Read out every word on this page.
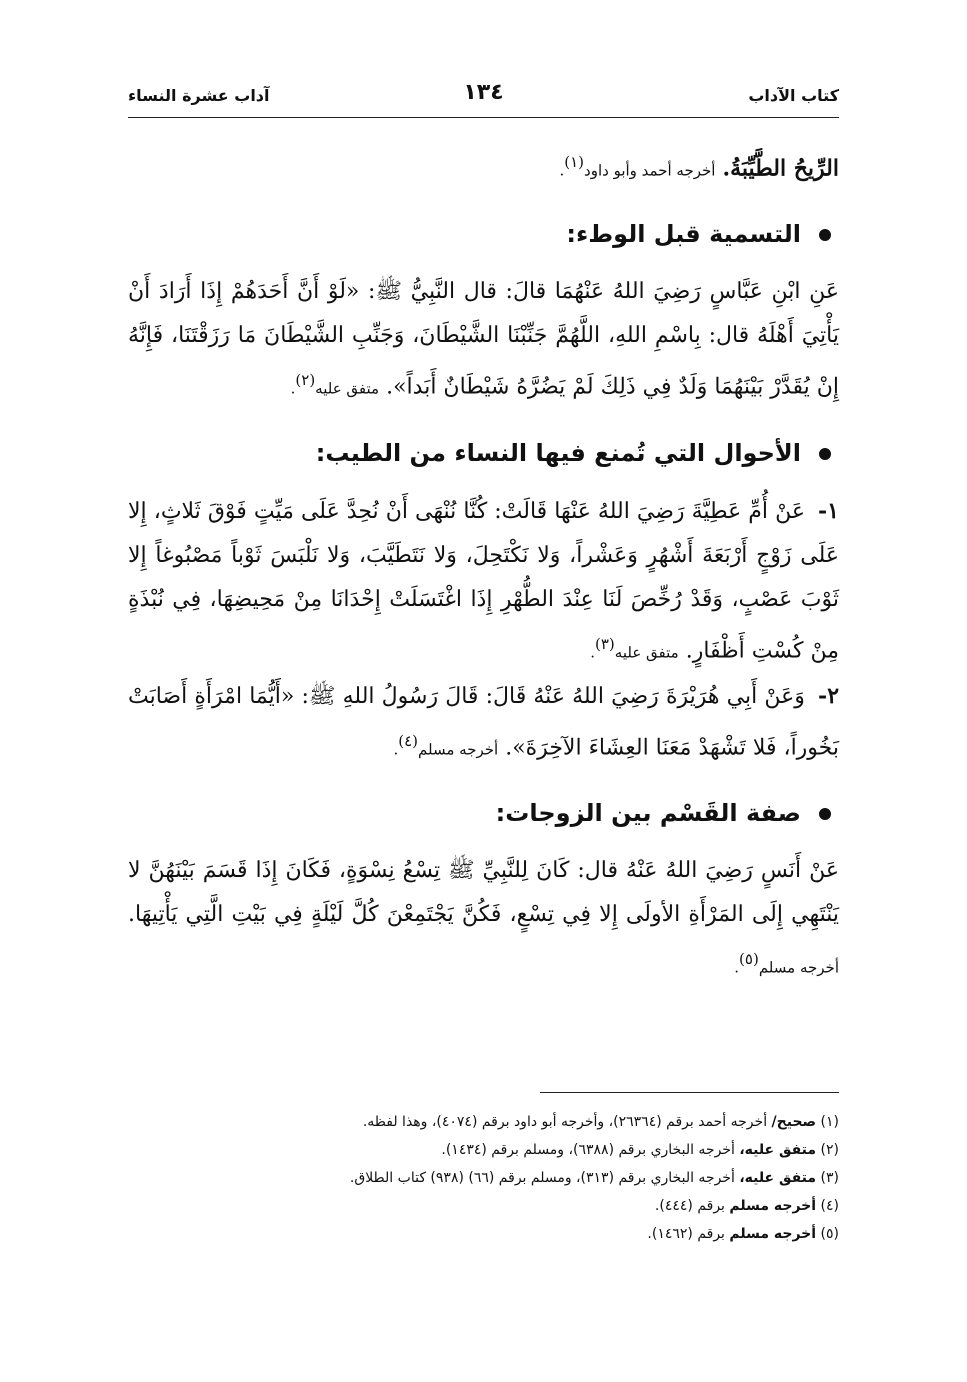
كتاب الآداب
١٣٤
آداب عشرة النساء

الرِّيحُ الطَّيِّبَةُ. أخرجه أحمد وأبو داود$^{(١)}$.

التسمية قبل الوطء:

عَنِ ابْنِ عَبَّاسٍ رَضِيَ اللهُ عَنْهُمَا قالَ: قال النَّبِيُّ ﷺ: «لَوْ أَنَّ أَحَدَهُمْ إِذَا أَرَادَ أَنْ يَأْتِيَ أَهْلَهُ قال: بِاسْمِ اللهِ، اللَّهُمَّ جَنِّبْنَا الشَّيْطَانَ، وَجَنِّبِ الشَّيْطَانَ مَا رَزَقْتَنَا، فَإِنَّهُ إِنْ يُقَدَّرْ بَيْنَهُمَا وَلَدٌ فِي ذَلِكَ لَمْ يَضُرَّهُ شَيْطَانٌ أَبَداً». متفق عليه$^{(٢)}$.

الأحوال التي تُمنع فيها النساء من الطيب:

١- عَنْ أُمِّ عَطِيَّةَ رَضِيَ اللهُ عَنْهَا قَالَتْ: كُنَّا نُنْهَى أَنْ نُحِدَّ عَلَى مَيِّتٍ فَوْقَ ثَلاثٍ، إِلا عَلَى زَوْجٍ أَرْبَعَةَ أَشْهُرٍ وَعَشْراً، وَلا نَكْتَحِلَ، وَلا نَتَطَيَّبَ، وَلا نَلْبَسَ ثَوْباً مَصْبُوغاً إِلا ثَوْبَ عَصْبٍ، وَقَدْ رُخِّصَ لَنَا عِنْدَ الطُّهْرِ إِذَا اغْتَسَلَتْ إِحْدَانَا مِنْ مَحِيضِهَا، فِي نُبْذَةٍ مِنْ كُسْتِ أَظْفَارٍ. متفق عليه$^{(٣)}$.

٢- وَعَنْ أَبِي هُرَيْرَةَ رَضِيَ اللهُ عَنْهُ قَالَ: قَالَ رَسُولُ اللهِ ﷺ: «أَيُّمَا امْرَأَةٍ أَصَابَتْ بَخُوراً، فَلا تَشْهَدْ مَعَنَا العِشَاءَ الآخِرَةَ». أخرجه مسلم$^{(٤)}$.

صفة القَسْم بين الزوجات:

عَنْ أَنَسٍ رَضِيَ اللهُ عَنْهُ قال: كَانَ لِلنَّبِيِّ ﷺ تِسْعُ نِسْوَةٍ، فَكَانَ إِذَا قَسَمَ بَيْنَهُنَّ لا يَنْتَهِي إِلَى المَرْأَةِ الأولَى إِلا فِي تِسْعٍ، فَكُنَّ يَجْتَمِعْنَ كُلَّ لَيْلَةٍ فِي بَيْتِ الَّتِي يَأْتِيهَا. أخرجه مسلم$^{(٥)}$.

(١) صحيح/ أخرجه أحمد برقم (٢٦٣٦٤)، وأخرجه أبو داود برقم (٤٠٧٤)، وهذا لفظه.

(٢) متفق عليه، أخرجه البخاري برقم (٦٣٨٨)، ومسلم برقم (١٤٣٤).

(٣) متفق عليه، أخرجه البخاري برقم (٣١٣)، ومسلم برقم (٦٦) (٩٣٨) كتاب الطلاق.

(٤) أخرجه مسلم برقم (٤٤٤).

(٥) أخرجه مسلم برقم (١٤٦٢).
